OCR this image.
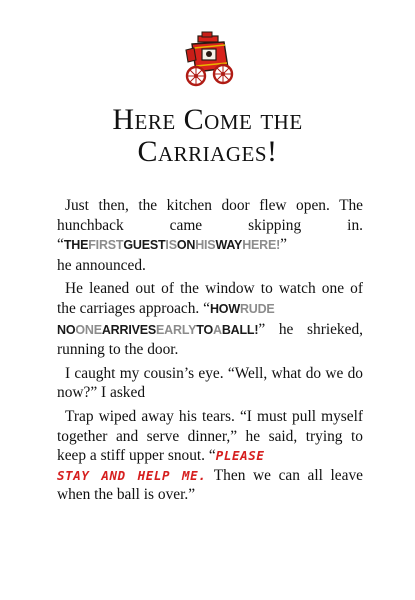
Here Come the
Carriages!

Just then, the kitchen door flew open. The hunchback came skipping in. “THEFIRSTGUESTISONHISWAYHERE!”
he announced.

He leaned out of the window to watch one of the carriages approach. “HOWRUDE
NOONEARRIVESEARLYTOABALL!” he shrieked, running to the door.

I caught my cousin’s eye. “Well, what do we do now?” I asked

Trap wiped away his tears. “I must pull myself together and serve dinner,” he said, trying to keep a stiff upper snout. “PLEASE
STAY AND HELP ME. Then we can all leave when the ball is over.”
